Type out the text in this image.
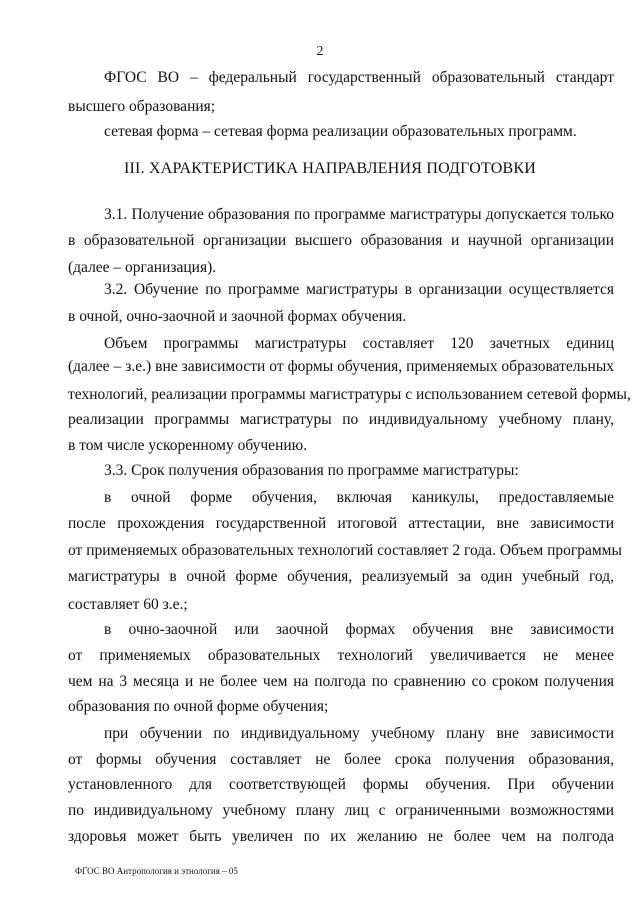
2
ФГОС ВО – федеральный государственный образовательный стандарт
высшего образования;
сетевая форма – сетевая форма реализации образовательных программ.
III. ХАРАКТЕРИСТИКА НАПРАВЛЕНИЯ ПОДГОТОВКИ
3.1. Получение образования по программе магистратуры допускается только
в образовательной организации высшего образования и научной организации
(далее – организация).
3.2. Обучение по программе магистратуры в организации осуществляется
в очной, очно-заочной и заочной формах обучения.
Объем программы магистратуры составляет 120 зачетных единиц
(далее – з.е.) вне зависимости от формы обучения, применяемых образовательных
технологий, реализации программы магистратуры с использованием сетевой формы,
реализации программы магистратуры по индивидуальному учебному плану,
в том числе ускоренному обучению.
3.3. Срок получения образования по программе магистратуры:
в очной форме обучения, включая каникулы, предоставляемые
после прохождения государственной итоговой аттестации, вне зависимости
от применяемых образовательных технологий составляет 2 года. Объем программы
магистратуры в очной форме обучения, реализуемый за один учебный год,
составляет 60 з.е.;
в очно-заочной или заочной формах обучения вне зависимости
от применяемых образовательных технологий увеличивается не менее
чем на 3 месяца и не более чем на полгода по сравнению со сроком получения
образования по очной форме обучения;
при обучении по индивидуальному учебному плану вне зависимости
от формы обучения составляет не более срока получения образования,
установленного для соответствующей формы обучения. При обучении
по индивидуальному учебному плану лиц с ограниченными возможностями
здоровья может быть увеличен по их желанию не более чем на полгода
ФГОС ВО Антропология и этнология – 05
